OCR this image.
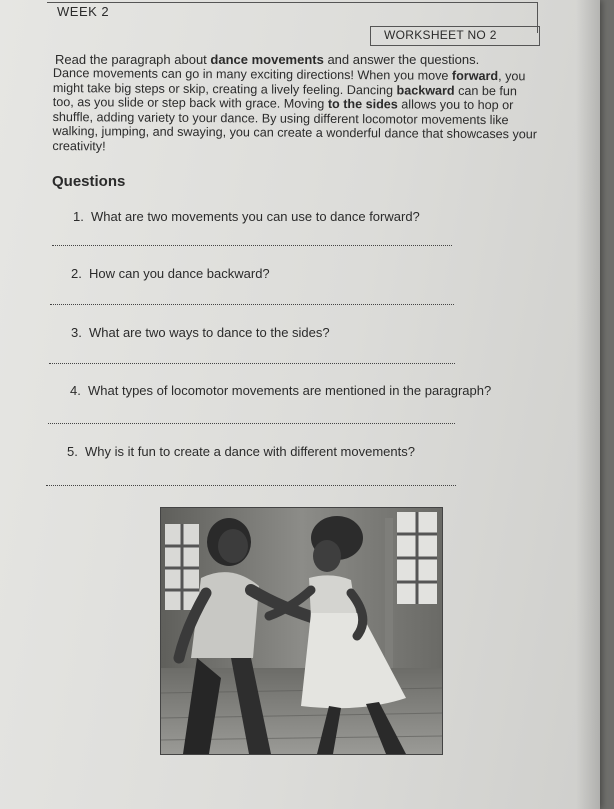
WEEK 2
WORKSHEET NO 2
Read the paragraph about dance movements and answer the questions.
Dance movements can go in many exciting directions! When you move forward, you might take big steps or skip, creating a lively feeling. Dancing backward can be fun too, as you slide or step back with grace. Moving to the sides allows you to hop or shuffle, adding variety to your dance. By using different locomotor movements like walking, jumping, and swaying, you can create a wonderful dance that showcases your creativity!
Questions
1. What are two movements you can use to dance forward?
2. How can you dance backward?
3. What are two ways to dance to the sides?
4. What types of locomotor movements are mentioned in the paragraph?
5. Why is it fun to create a dance with different movements?
